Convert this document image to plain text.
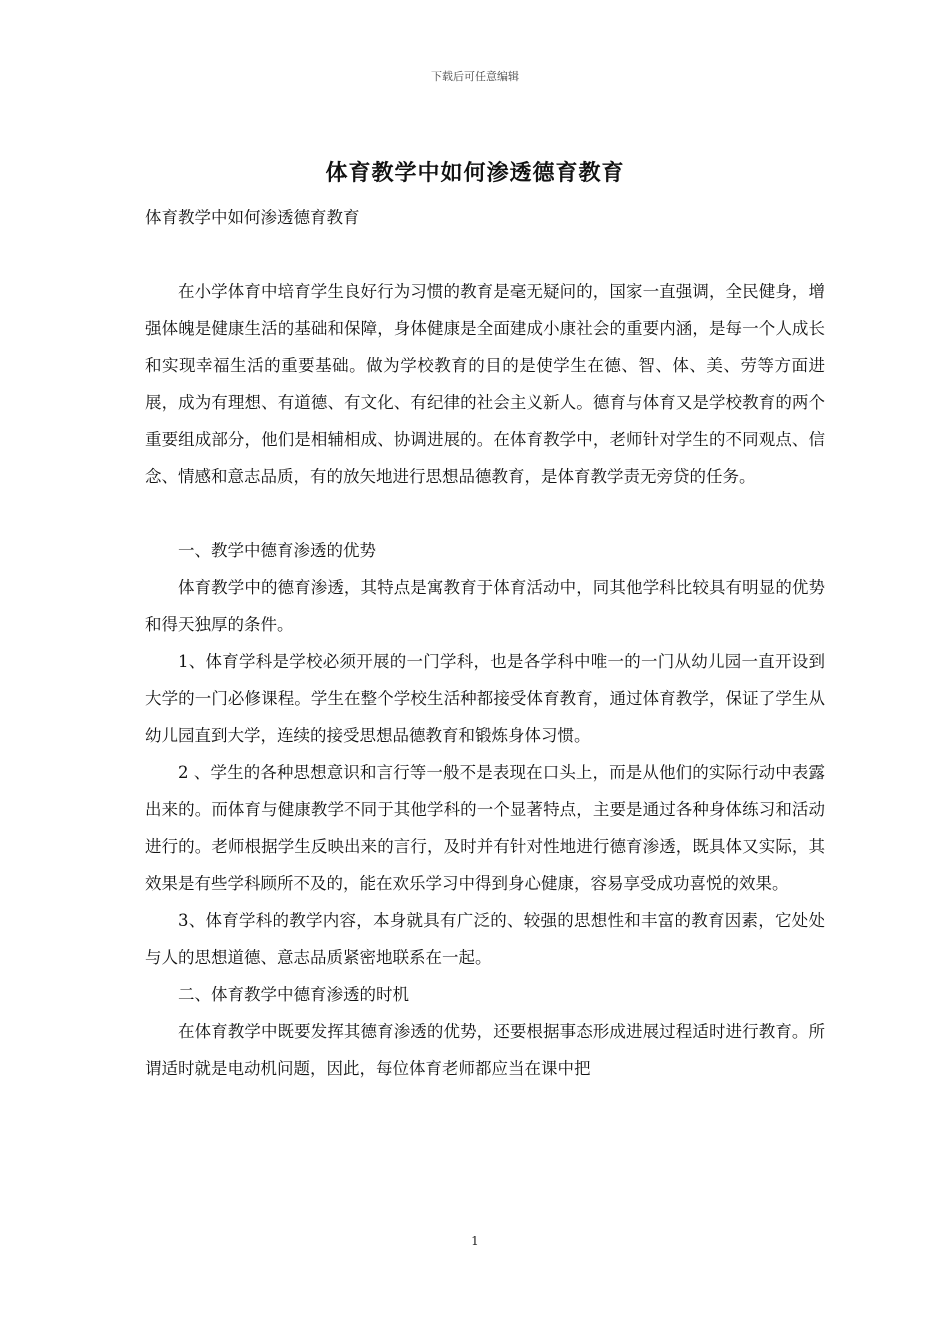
下载后可任意编辑
体育教学中如何渗透德育教育

体育教学中如何渗透德育教育

在小学体育中培育学生良好行为习惯的教育是毫无疑问的，国家一直强调，全民健身，增强体魄是健康生活的基础和保障，身体健康是全面建成小康社会的重要内涵，是每一个人成长和实现幸福生活的重要基础。做为学校教育的目的是使学生在德、智、体、美、劳等方面进展，成为有理想、有道德、有文化、有纪律的社会主义新人。德育与体育又是学校教育的两个重要组成部分，他们是相辅相成、协调进展的。在体育教学中，老师针对学生的不同观点、信念、情感和意志品质，有的放矢地进行思想品德教育，是体育教学责无旁贷的任务。

一、教学中德育渗透的优势

体育教学中的德育渗透，其特点是寓教育于体育活动中，同其他学科比较具有明显的优势和得天独厚的条件。

1、体育学科是学校必须开展的一门学科，也是各学科中唯一的一门从幼儿园一直开设到大学的一门必修课程。学生在整个学校生活种都接受体育教育，通过体育教学，保证了学生从幼儿园直到大学，连续的接受思想品德教育和锻炼身体习惯。

2 、学生的各种思想意识和言行等一般不是表现在口头上，而是从他们的实际行动中表露出来的。而体育与健康教学不同于其他学科的一个显著特点，主要是通过各种身体练习和活动进行的。老师根据学生反映出来的言行，及时并有针对性地进行德育渗透，既具体又实际，其效果是有些学科顾所不及的，能在欢乐学习中得到身心健康，容易享受成功喜悦的效果。

3、体育学科的教学内容，本身就具有广泛的、较强的思想性和丰富的教育因素，它处处与人的思想道德、意志品质紧密地联系在一起。

二、体育教学中德育渗透的时机

在体育教学中既要发挥其德育渗透的优势，还要根据事态形成进展过程适时进行教育。所谓适时就是电动机问题，因此，每位体育老师都应当在课中把

1
